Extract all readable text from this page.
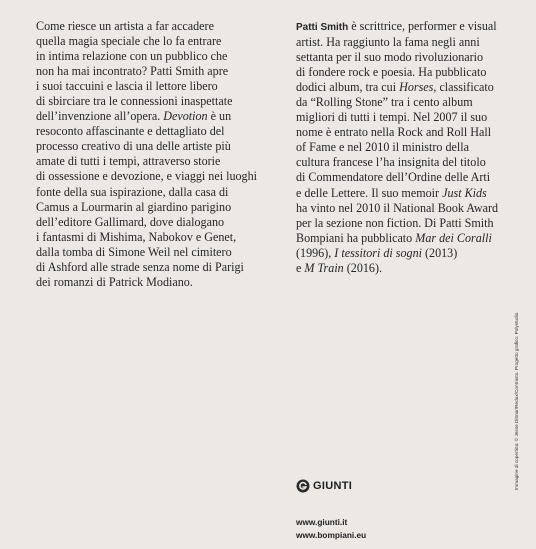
Come riesce un artista a far accadere

quella magia speciale che lo fa entrare

in intima relazione con un pubblico che

non ha mai incontrato? Patti Smith apre

i suoi taccuini e lascia il lettore libero

di sbirciare tra le connessioni inaspettate

dell’invenzione all’opera. Devotion è un

resoconto affascinante e dettagliato del

processo creativo di una delle artiste più

amate di tutti i tempi, attraverso storie

di ossessione e devozione, e viaggi nei luoghi

fonte della sua ispirazione, dalla casa di

Camus a Lourmarin al giardino parigino

dell’editore Gallimard, dove dialogano

i fantasmi di Mishima, Nabokov e Genet,

dalla tomba di Simone Weil nel cimitero

di Ashford alle strade senza nome di Parigi

dei romanzi di Patrick Modiano.

Patti Smith è scrittrice, performer e visual

artist. Ha raggiunto la fama negli anni

settanta per il suo modo rivoluzionario

di fondere rock e poesia. Ha pubblicato

dodici album, tra cui Horses, classificato

da “Rolling Stone” tra i cento album

migliori di tutti i tempi. Nel 2007 il suo

nome è entrato nella Rock and Roll Hall

of Fame e nel 2010 il ministro della

cultura francese l’ha insignita del titolo

di Commendatore dell’Ordine delle Arti

e delle Lettere. Il suo memoir Just Kids

ha vinto nel 2010 il National Book Award

per la sezione non fiction. Di Patti Smith

Bompiani ha pubblicato Mar dei Coralli

(1996), I tessitori di sogni (2013)

e M Train (2016).

GIUNTI
www.giunti.it
www.bompiani.eu
Immagine di copertina: © Jesse Ditmar/Redux/Contrasto. Progetto grafico: Polystudio.
